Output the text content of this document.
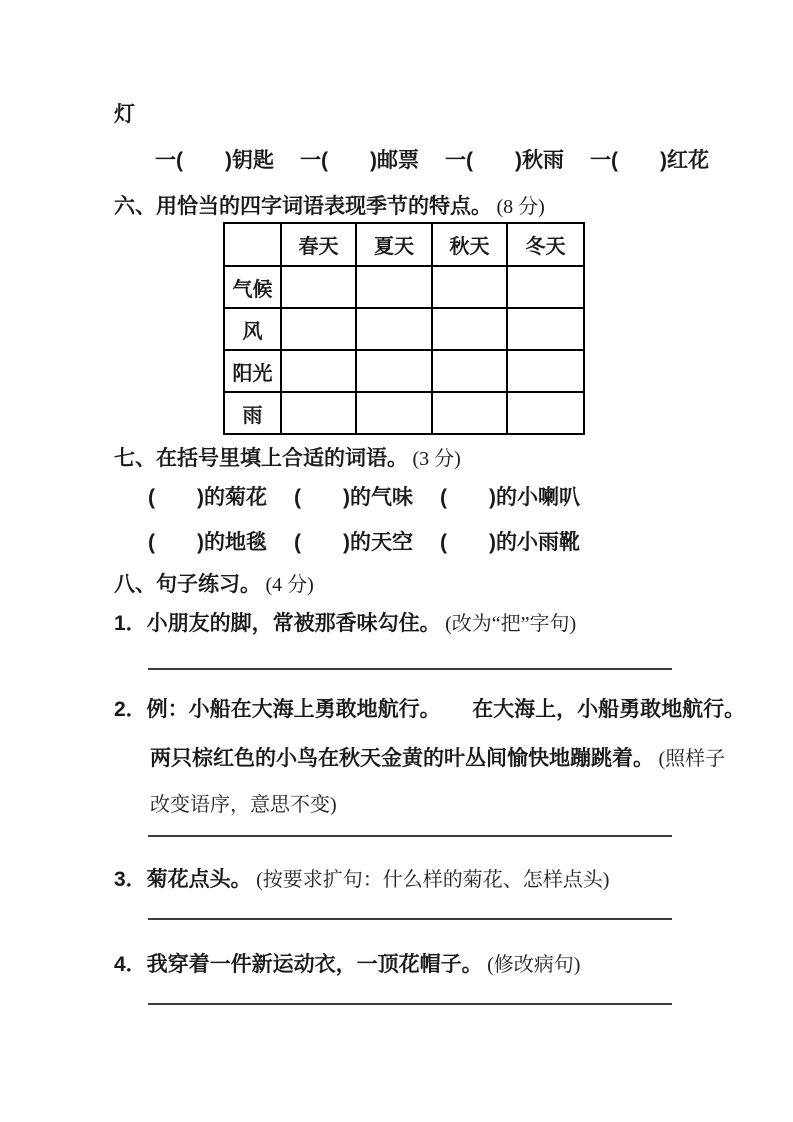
灯
一(　　)钥匙 一(　　)邮票 一(　　)秋雨 一(　　)红花
六、用恰当的四字词语表现季节的特点。 (8 分)
	春天	夏天	秋天	冬天
气候				
风				
阳光				
雨				
七、在括号里填上合适的词语。 (3 分)
(　　)的菊花 (　　)的气味 (　　)的小喇叭
(　　)的地毯 (　　)的天空 (　　)的小雨靴
八、句子练习。 (4 分)
1．小朋友的脚，常被那香味勾住。 (改为“把”字句)
2．例：小船在大海上勇敢地航行。　　在大海上，小船勇敢地航行。
两只棕红色的小鸟在秋天金黄的叶丛间愉快地蹦跳着。 (照样子
改变语序，意思不变)
3．菊花点头。 (按要求扩句：什么样的菊花、怎样点头)
4．我穿着一件新运动衣，一顶花帽子。 (修改病句)
